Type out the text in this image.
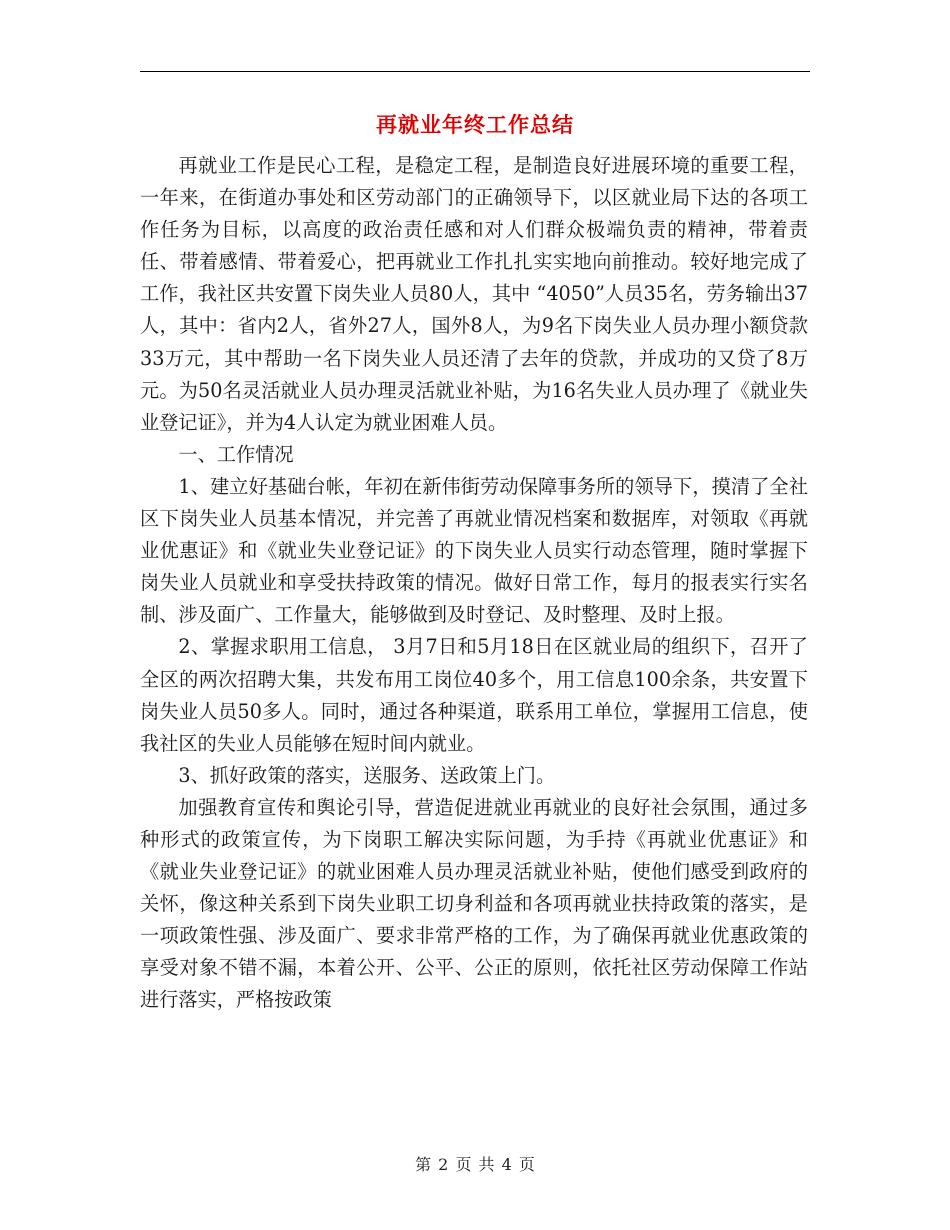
再就业年终工作总结

再就业工作是民心工程，是稳定工程，是制造良好进展环境的重要工程，一年来，在街道办事处和区劳动部门的正确领导下，以区就业局下达的各项工作任务为目标，以高度的政治责任感和对人们群众极端负责的精神，带着责任、带着感情、带着爱心，把再就业工作扎扎实实地向前推动。较好地完成了工作，我社区共安置下岗失业人员80人，其中 “4050”人员35名，劳务输出37人，其中：省内2人，省外27人，国外8人，为9名下岗失业人员办理小额贷款33万元，其中帮助一名下岗失业人员还清了去年的贷款，并成功的又贷了8万元。为50名灵活就业人员办理灵活就业补贴，为16名失业人员办理了《就业失业登记证》，并为4人认定为就业困难人员。

一、工作情况

1、建立好基础台帐，年初在新伟街劳动保障事务所的领导下，摸清了全社区下岗失业人员基本情况，并完善了再就业情况档案和数据库，对领取《再就业优惠证》和《就业失业登记证》的下岗失业人员实行动态管理，随时掌握下岗失业人员就业和享受扶持政策的情况。做好日常工作，每月的报表实行实名制、涉及面广、工作量大，能够做到及时登记、及时整理、及时上报。

2、掌握求职用工信息， 3月7日和5月18日在区就业局的组织下，召开了全区的两次招聘大集，共发布用工岗位40多个，用工信息100余条，共安置下岗失业人员50多人。同时，通过各种渠道，联系用工单位，掌握用工信息，使我社区的失业人员能够在短时间内就业。

3、抓好政策的落实，送服务、送政策上门。

加强教育宣传和舆论引导，营造促进就业再就业的良好社会氛围，通过多种形式的政策宣传，为下岗职工解决实际问题，为手持《再就业优惠证》和《就业失业登记证》的就业困难人员办理灵活就业补贴，使他们感受到政府的关怀，像这种关系到下岗失业职工切身利益和各项再就业扶持政策的落实，是一项政策性强、涉及面广、要求非常严格的工作，为了确保再就业优惠政策的享受对象不错不漏，本着公开、公平、公正的原则，依托社区劳动保障工作站进行落实，严格按政策

第 2 页 共 4 页
